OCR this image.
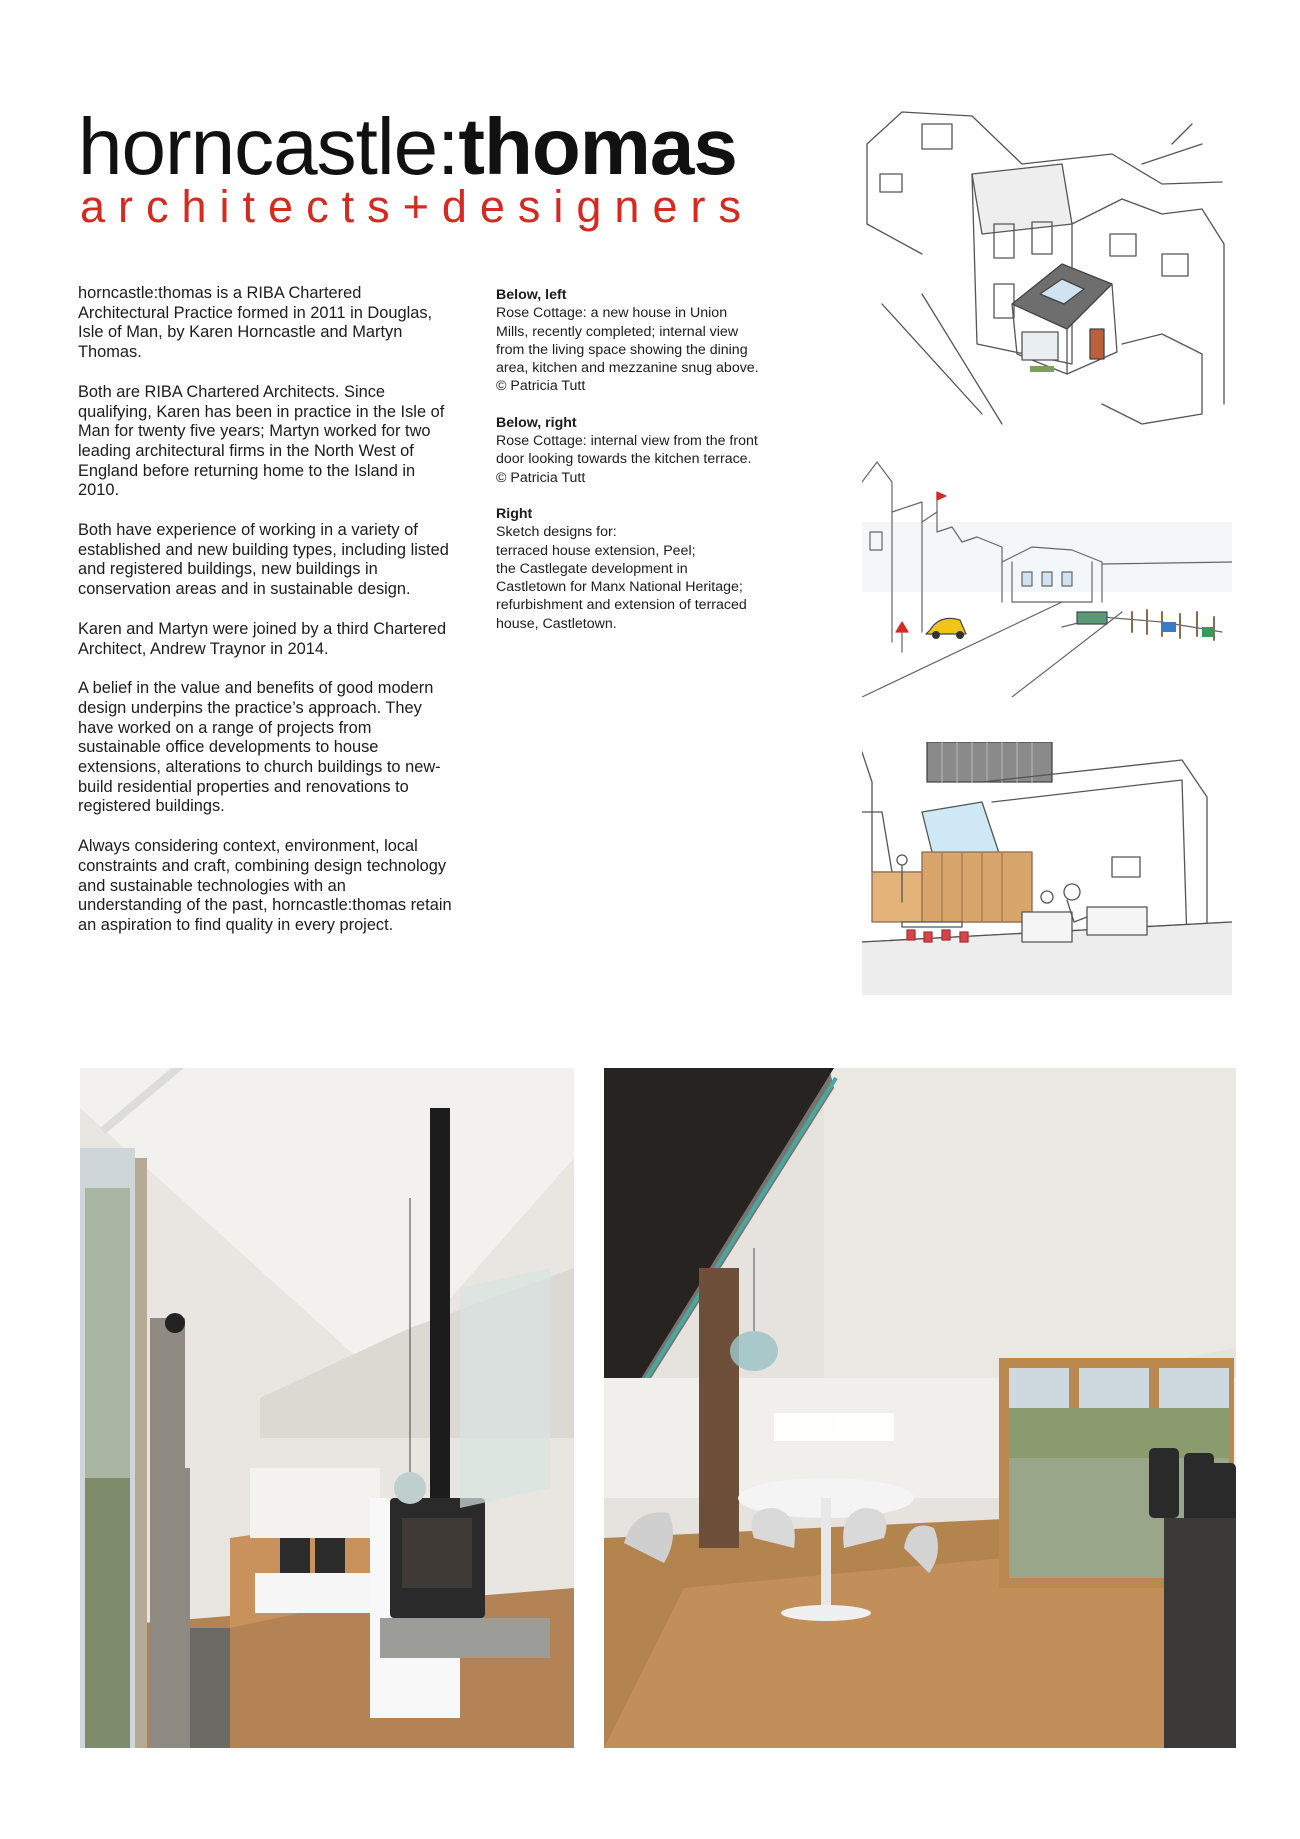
horncastle:thomas
architects+designers

horncastle:thomas is a RIBA Chartered Architectural Practice formed in 2011 in Douglas, Isle of Man, by Karen Horncastle and Martyn Thomas.

Both are RIBA Chartered Architects. Since qualifying, Karen has been in practice in the Isle of Man for twenty five years; Martyn worked for two leading architectural firms in the North West of England before returning home to the Island in 2010.

Both have experience of working in a variety of established and new building types, including listed and registered buildings, new buildings in conservation areas and in sustainable design.

Karen and Martyn were joined by a third Chartered Architect, Andrew Traynor in 2014.

A belief in the value and benefits of good modern design underpins the practice’s approach. They have worked on a range of projects from sustainable office developments to house extensions, alterations to church buildings to new-build residential properties and renovations to registered buildings.

Always considering context, environment, local constraints and craft, combining design technology and sustainable technologies with an understanding of the past, horncastle:thomas retain an aspiration to find quality in every project.

Below, left
Rose Cottage: a new house in Union Mills, recently completed; internal view from the living space showing the dining area, kitchen and mezzanine snug above.
© Patricia Tutt
Below, right
Rose Cottage: internal view from the front door looking towards the kitchen terrace.
© Patricia Tutt
Right
Sketch designs for:
terraced house extension, Peel;
the Castlegate development in Castletown for Manx National Heritage;
refurbishment and extension of terraced house, Castletown.
